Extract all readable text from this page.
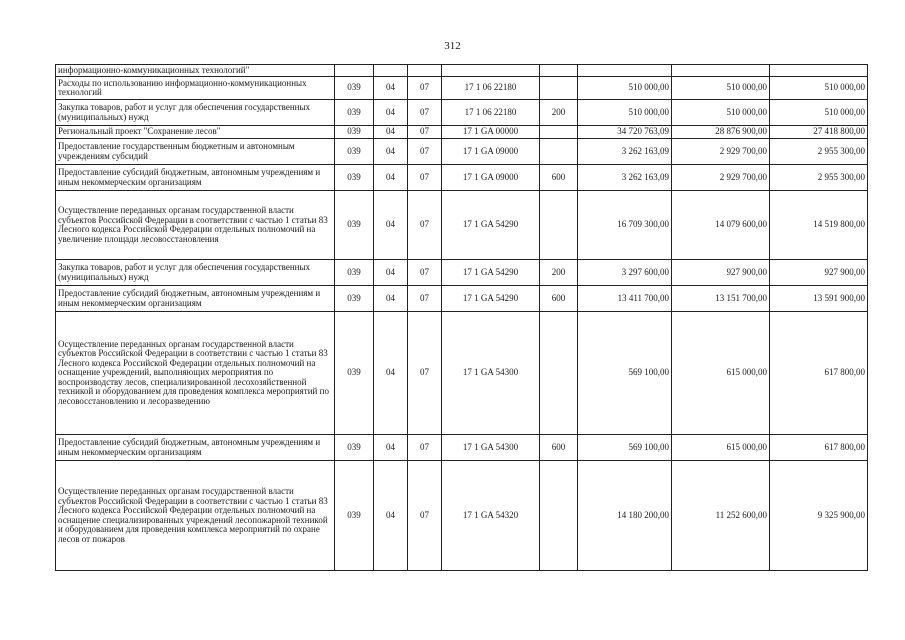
312
информационно-коммуникационных технологий"								
Расходы по использованию информационно-коммуникационных технологий	039	04	07	17 1 06 22180		510 000,00	510 000,00	510 000,00
Закупка товаров, работ и услуг для обеспечения государственных (муниципальных) нужд	039	04	07	17 1 06 22180	200	510 000,00	510 000,00	510 000,00
Региональный проект "Сохранение лесов"	039	04	07	17 1 GA 00000		34 720 763,09	28 876 900,00	27 418 800,00
Предоставление государственным бюджетным и автономным учреждениям субсидий	039	04	07	17 1 GA 09000		3 262 163,09	2 929 700,00	2 955 300,00
Предоставление субсидий бюджетным, автономным учреждениям и иным некоммерческим организациям	039	04	07	17 1 GA 09000	600	3 262 163,09	2 929 700,00	2 955 300,00
Осуществление переданных органам государственной власти субъектов Российской Федерации в соответствии с частью 1 статьи 83 Лесного кодекса Российской Федерации отдельных полномочий на увеличение площади лесовосстановления	039	04	07	17 1 GA 54290		16 709 300,00	14 079 600,00	14 519 800,00
Закупка товаров, работ и услуг для обеспечения государственных (муниципальных) нужд	039	04	07	17 1 GA 54290	200	3 297 600,00	927 900,00	927 900,00
Предоставление субсидий бюджетным, автономным учреждениям и иным некоммерческим организациям	039	04	07	17 1 GA 54290	600	13 411 700,00	13 151 700,00	13 591 900,00
Осуществление переданных органам государственной власти субъектов Российской Федерации в соответствии с частью 1 статьи 83 Лесного кодекса Российской Федерации отдельных полномочий на оснащение учреждений, выполняющих мероприятия по воспроизводству лесов, специализированной лесохозяйственной техникой и оборудованием для проведения комплекса мероприятий по лесовосстановлению и лесоразведению	039	04	07	17 1 GA 54300		569 100,00	615 000,00	617 800,00
Предоставление субсидий бюджетным, автономным учреждениям и иным некоммерческим организациям	039	04	07	17 1 GA 54300	600	569 100,00	615 000,00	617 800,00
Осуществление переданных органам государственной власти субъектов Российской Федерации в соответствии с частью 1 статьи 83 Лесного кодекса Российской Федерации отдельных полномочий на оснащение специализированных учреждений лесопожарной техникой и оборудованием для проведения комплекса мероприятий по охране лесов от пожаров	039	04	07	17 1 GA 54320		14 180 200,00	11 252 600,00	9 325 900,00
